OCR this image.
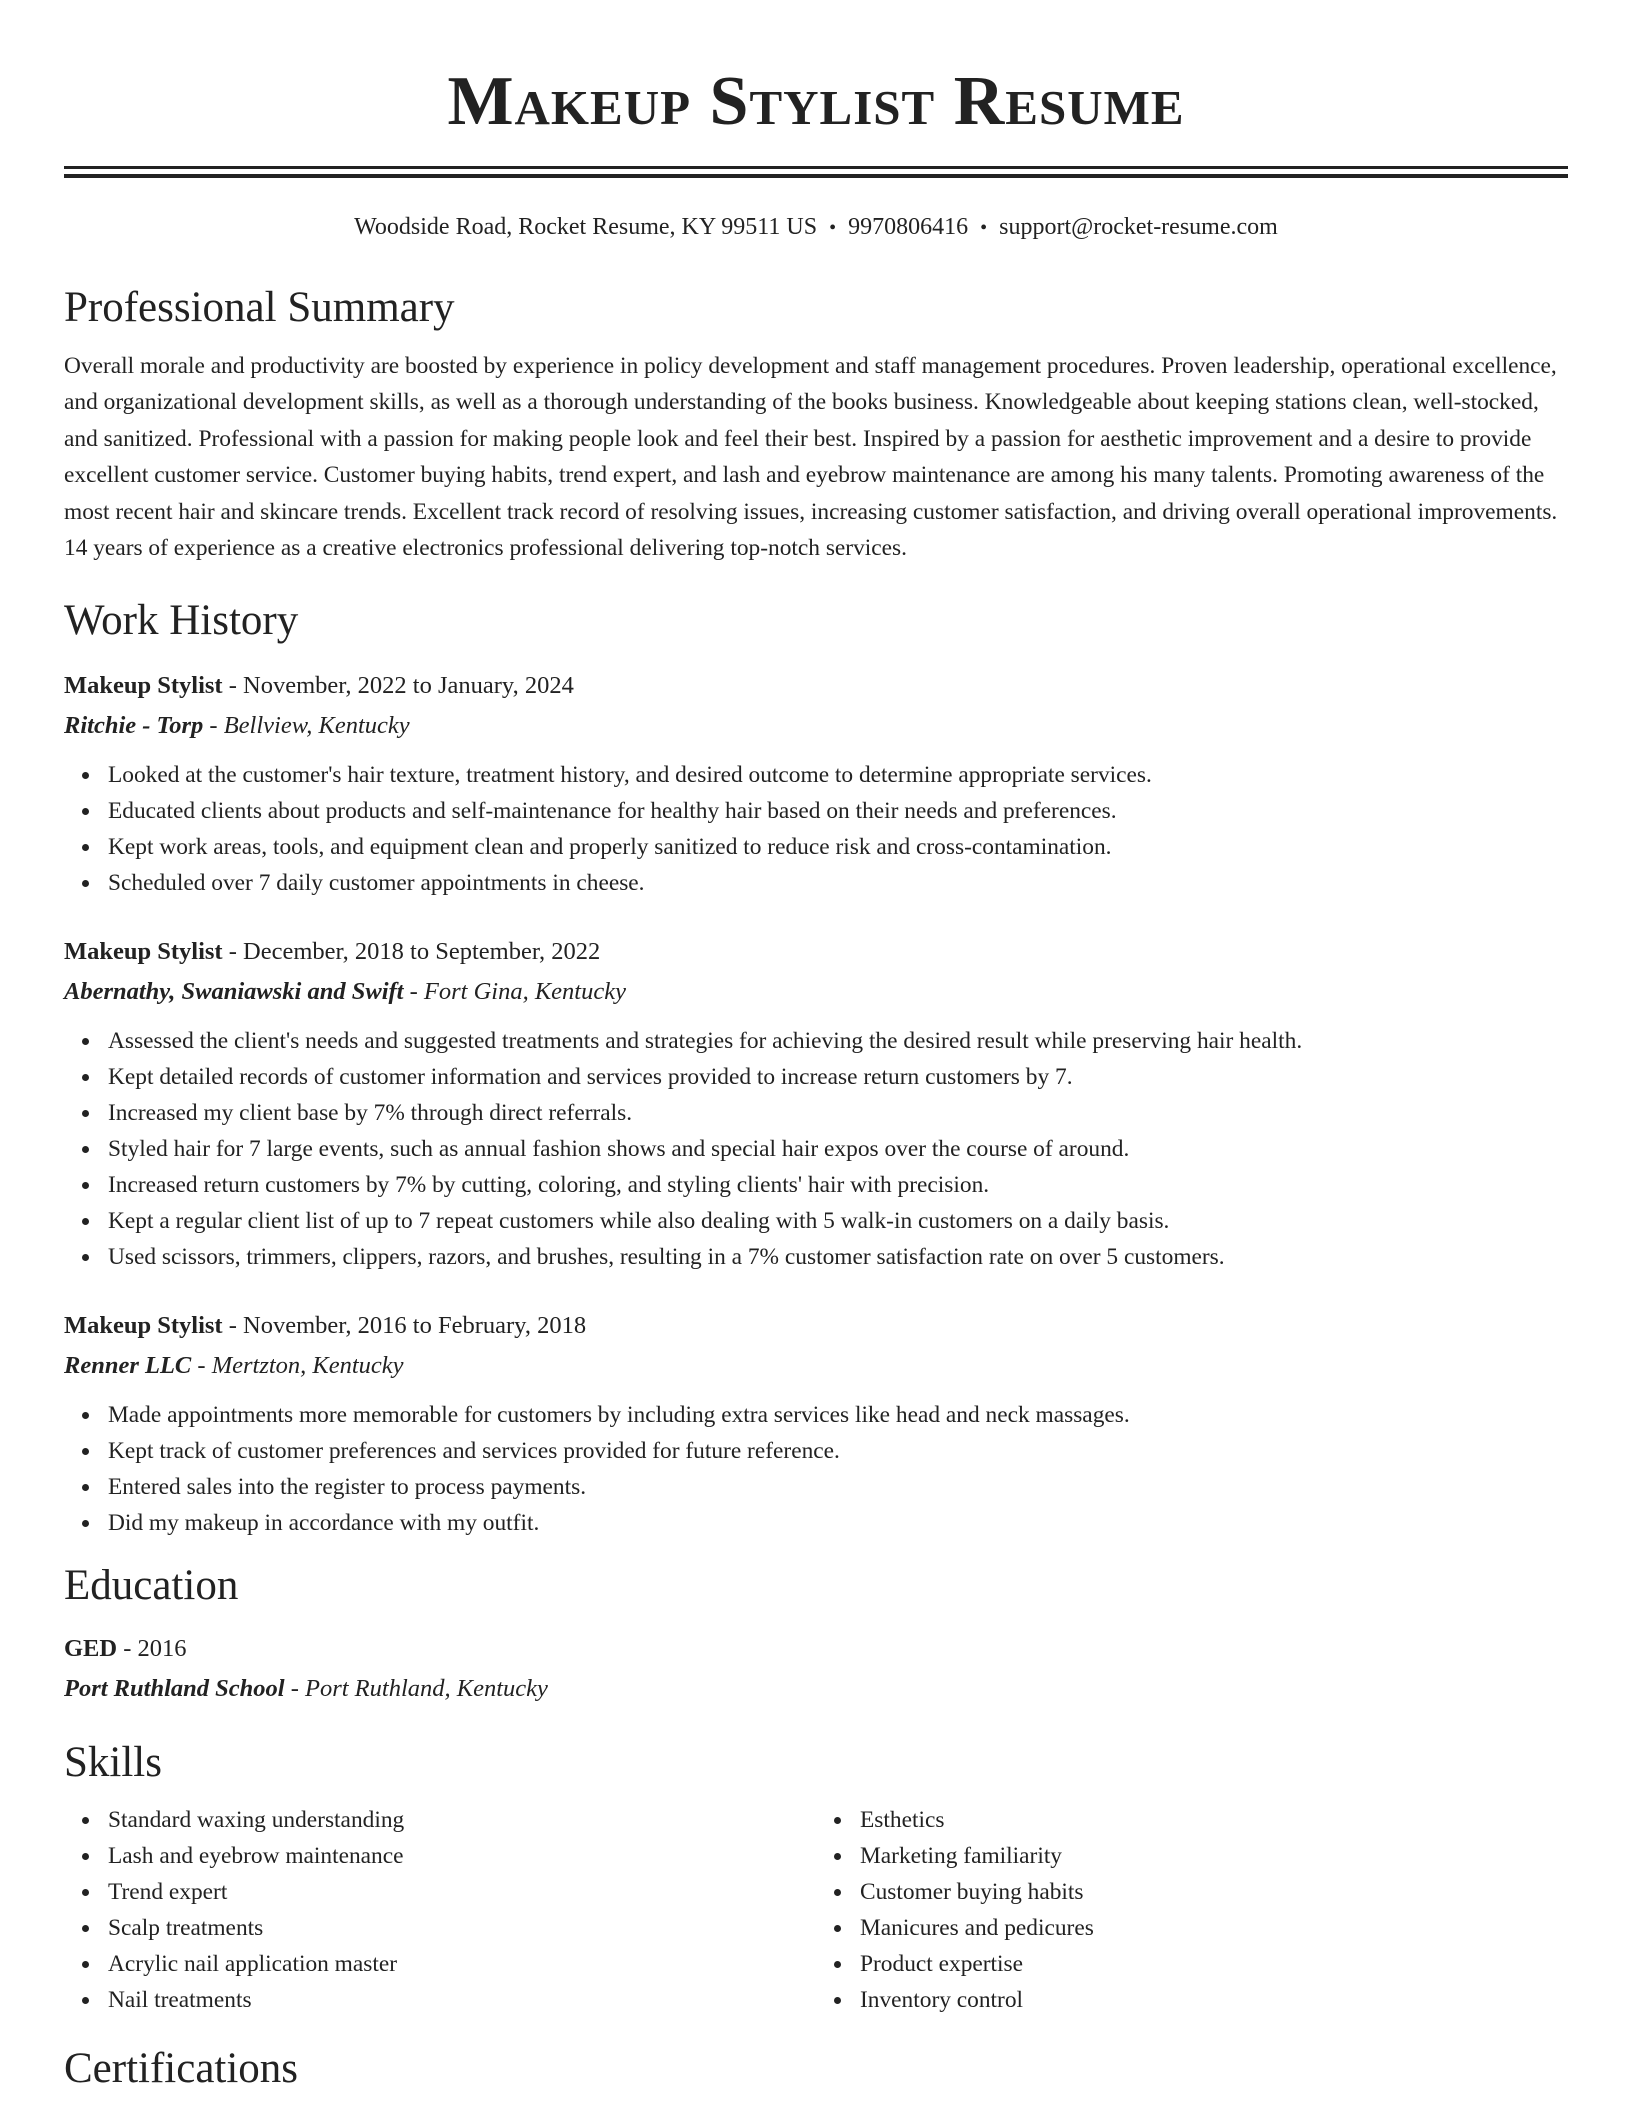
Makeup Stylist Resume
Woodside Road, Rocket Resume, KY 99511 US • 9970806416 • support@rocket-resume.com
Professional Summary

Overall morale and productivity are boosted by experience in policy development and staff management procedures. Proven leadership, operational excellence, and organizational development skills, as well as a thorough understanding of the books business. Knowledgeable about keeping stations clean, well-stocked, and sanitized. Professional with a passion for making people look and feel their best. Inspired by a passion for aesthetic improvement and a desire to provide excellent customer service. Customer buying habits, trend expert, and lash and eyebrow maintenance are among his many talents. Promoting awareness of the most recent hair and skincare trends. Excellent track record of resolving issues, increasing customer satisfaction, and driving overall operational improvements. 14 years of experience as a creative electronics professional delivering top-notch services.

Work History
Makeup Stylist - November, 2022 to January, 2024
Ritchie - Torp - Bellview, Kentucky
Looked at the customer's hair texture, treatment history, and desired outcome to determine appropriate services.
Educated clients about products and self-maintenance for healthy hair based on their needs and preferences.
Kept work areas, tools, and equipment clean and properly sanitized to reduce risk and cross-contamination.
Scheduled over 7 daily customer appointments in cheese.
Makeup Stylist - December, 2018 to September, 2022
Abernathy, Swaniawski and Swift - Fort Gina, Kentucky
Assessed the client's needs and suggested treatments and strategies for achieving the desired result while preserving hair health.
Kept detailed records of customer information and services provided to increase return customers by 7.
Increased my client base by 7% through direct referrals.
Styled hair for 7 large events, such as annual fashion shows and special hair expos over the course of around.
Increased return customers by 7% by cutting, coloring, and styling clients' hair with precision.
Kept a regular client list of up to 7 repeat customers while also dealing with 5 walk-in customers on a daily basis.
Used scissors, trimmers, clippers, razors, and brushes, resulting in a 7% customer satisfaction rate on over 5 customers.
Makeup Stylist - November, 2016 to February, 2018
Renner LLC - Mertzton, Kentucky
Made appointments more memorable for customers by including extra services like head and neck massages.
Kept track of customer preferences and services provided for future reference.
Entered sales into the register to process payments.
Did my makeup in accordance with my outfit.
Education
GED - 2016
Port Ruthland School - Port Ruthland, Kentucky
Skills
Standard waxing understanding
Lash and eyebrow maintenance
Trend expert
Scalp treatments
Acrylic nail application master
Nail treatments
Esthetics
Marketing familiarity
Customer buying habits
Manicures and pedicures
Product expertise
Inventory control
Certifications
